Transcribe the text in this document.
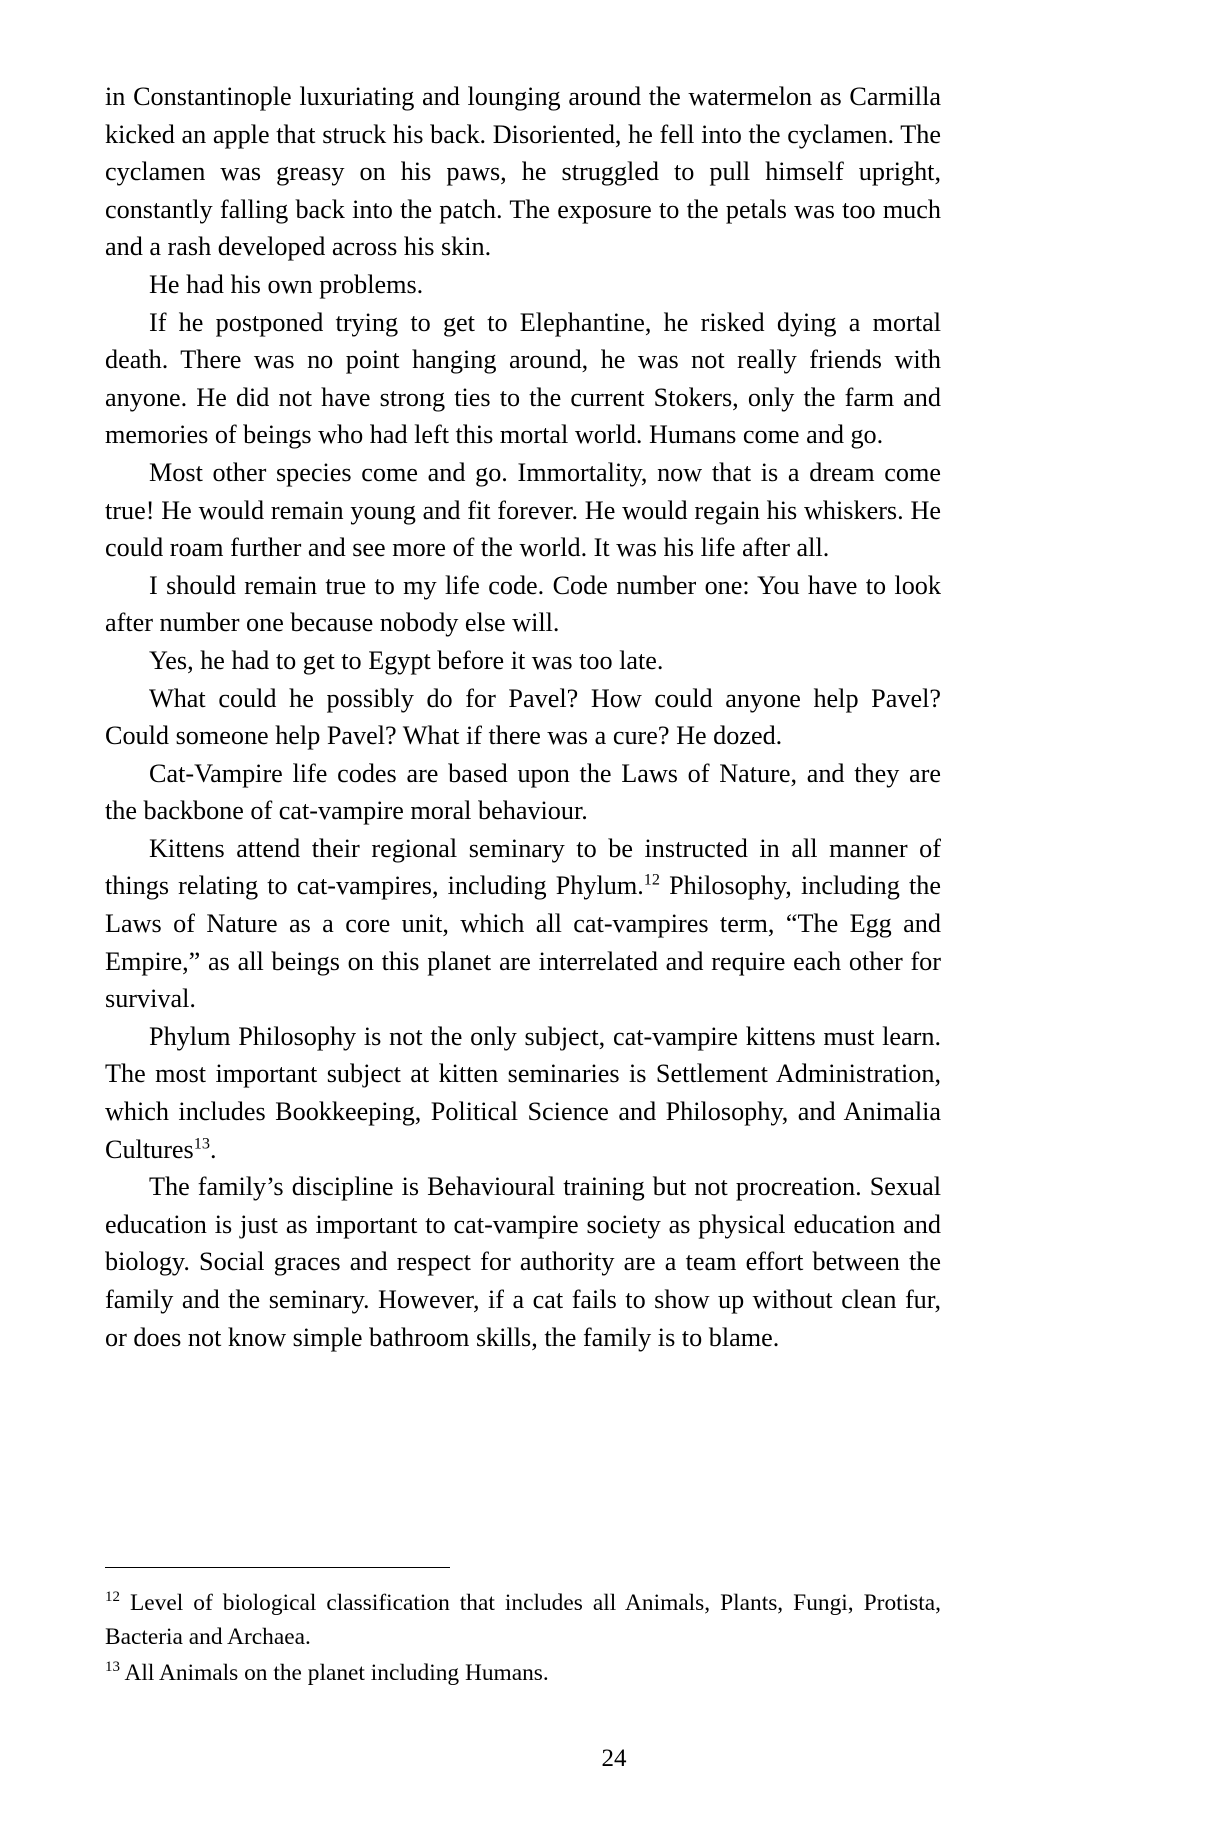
in Constantinople luxuriating and lounging around the watermelon as Carmilla kicked an apple that struck his back. Disoriented, he fell into the cyclamen. The cyclamen was greasy on his paws, he struggled to pull himself upright, constantly falling back into the patch. The exposure to the petals was too much and a rash developed across his skin.

He had his own problems.

If he postponed trying to get to Elephantine, he risked dying a mortal death. There was no point hanging around, he was not really friends with anyone. He did not have strong ties to the current Stokers, only the farm and memories of beings who had left this mortal world. Humans come and go.

Most other species come and go. Immortality, now that is a dream come true! He would remain young and fit forever. He would regain his whiskers. He could roam further and see more of the world. It was his life after all.

I should remain true to my life code. Code number one: You have to look after number one because nobody else will.

Yes, he had to get to Egypt before it was too late.

What could he possibly do for Pavel? How could anyone help Pavel? Could someone help Pavel? What if there was a cure? He dozed.

Cat-Vampire life codes are based upon the Laws of Nature, and they are the backbone of cat-vampire moral behaviour.

Kittens attend their regional seminary to be instructed in all manner of things relating to cat-vampires, including Phylum.$^{12}$ Philosophy, including the Laws of Nature as a core unit, which all cat-vampires term, “The Egg and Empire,” as all beings on this planet are interrelated and require each other for survival.

Phylum Philosophy is not the only subject, cat-vampire kittens must learn. The most important subject at kitten seminaries is Settlement Administration, which includes Bookkeeping, Political Science and Philosophy, and Animalia Cultures$^{13}$.

The family’s discipline is Behavioural training but not procreation. Sexual education is just as important to cat-vampire society as physical education and biology. Social graces and respect for authority are a team effort between the family and the seminary. However, if a cat fails to show up without clean fur, or does not know simple bathroom skills, the family is to blame.

$^{12}$ Level of biological classification that includes all Animals, Plants, Fungi, Protista, Bacteria and Archaea.

$^{13}$ All Animals on the planet including Humans.

24
